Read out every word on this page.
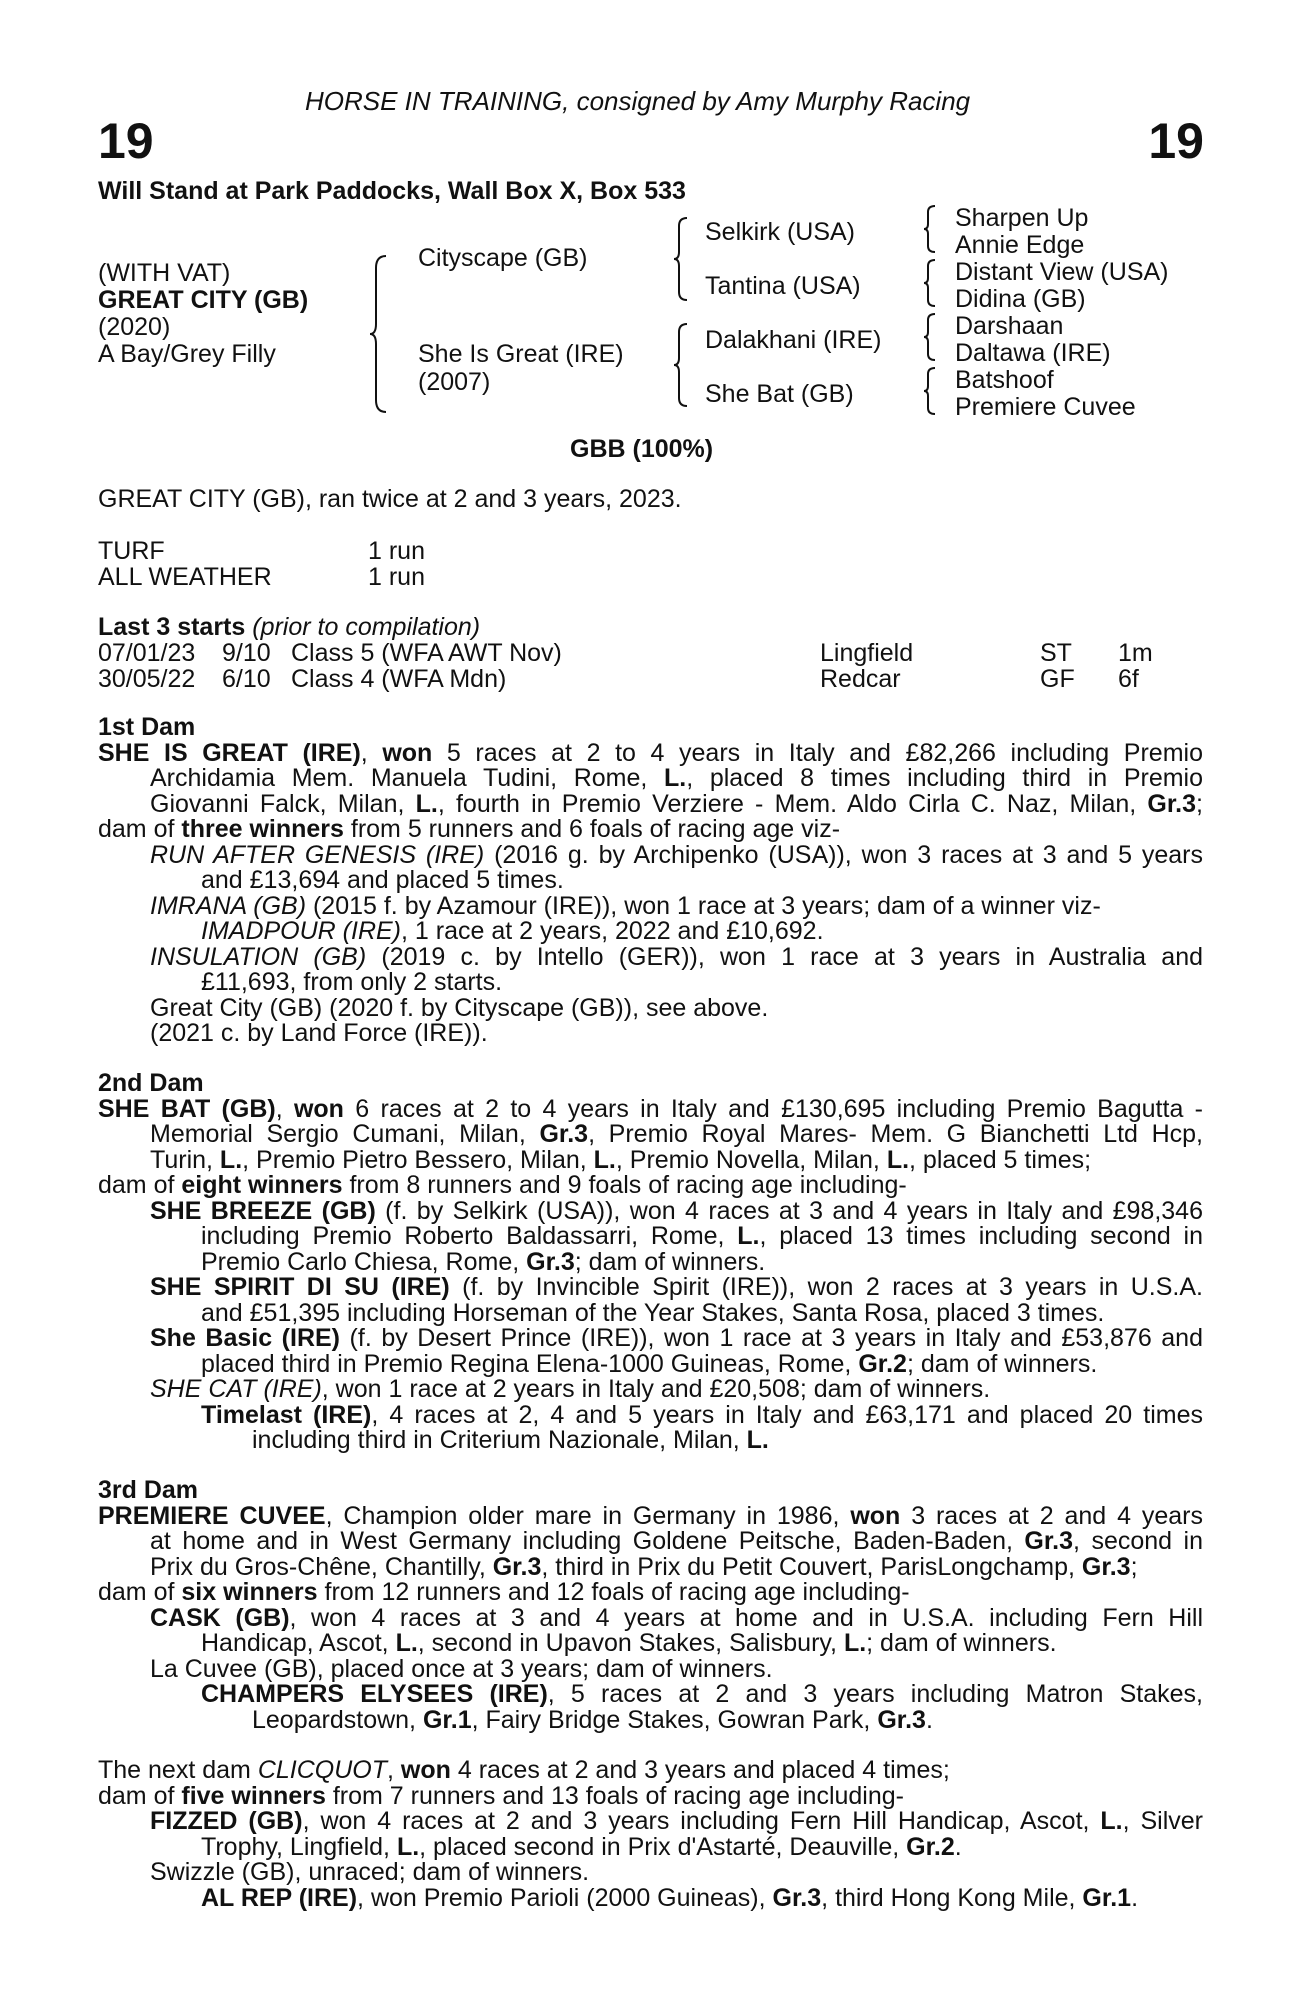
HORSE IN TRAINING, consigned by Amy Murphy Racing
19	19
Will Stand at Park Paddocks, Wall Box X, Box 533
(WITH VAT)
GREAT CITY (GB)
(2020)
A Bay/Grey Filly
Cityscape (GB)
She Is Great (IRE)
(2007)
Selkirk (USA)
Tantina (USA)
Dalakhani (IRE)
She Bat (GB)
Sharpen Up
Annie Edge
Distant View (USA)
Didina (GB)
Darshaan
Daltawa (IRE)
Batshoof
Premiere Cuvee
GBB (100%)
GREAT CITY (GB), ran twice at 2 and 3 years, 2023.
TURF	1 run
ALL WEATHER	1 run
Last 3 starts (prior to compilation)
07/01/23 9/10 Class 5 (WFA AWT Nov)	Lingfield	ST 1m
30/05/22 6/10 Class 4 (WFA Mdn)	Redcar	GF 6f
1st Dam
SHE IS GREAT (IRE), won 5 races at 2 to 4 years in Italy and £82,266 including Premio
Archidamia Mem. Manuela Tudini, Rome, L., placed 8 times including third in Premio
Giovanni Falck, Milan, L., fourth in Premio Verziere - Mem. Aldo Cirla C. Naz, Milan, Gr.3;
dam of three winners from 5 runners and 6 foals of racing age viz-
RUN AFTER GENESIS (IRE) (2016 g. by Archipenko (USA)), won 3 races at 3 and 5 years
and £13,694 and placed 5 times.
IMRANA (GB) (2015 f. by Azamour (IRE)), won 1 race at 3 years; dam of a winner viz-
IMADPOUR (IRE), 1 race at 2 years, 2022 and £10,692.
INSULATION (GB) (2019 c. by Intello (GER)), won 1 race at 3 years in Australia and
£11,693, from only 2 starts.
Great City (GB) (2020 f. by Cityscape (GB)), see above.
(2021 c. by Land Force (IRE)).
2nd Dam
SHE BAT (GB), won 6 races at 2 to 4 years in Italy and £130,695 including Premio Bagutta -
Memorial Sergio Cumani, Milan, Gr.3, Premio Royal Mares- Mem. G Bianchetti Ltd Hcp,
Turin, L., Premio Pietro Bessero, Milan, L., Premio Novella, Milan, L., placed 5 times;
dam of eight winners from 8 runners and 9 foals of racing age including-
SHE BREEZE (GB) (f. by Selkirk (USA)), won 4 races at 3 and 4 years in Italy and £98,346
including Premio Roberto Baldassarri, Rome, L., placed 13 times including second in
Premio Carlo Chiesa, Rome, Gr.3; dam of winners.
SHE SPIRIT DI SU (IRE) (f. by Invincible Spirit (IRE)), won 2 races at 3 years in U.S.A.
and £51,395 including Horseman of the Year Stakes, Santa Rosa, placed 3 times.
She Basic (IRE) (f. by Desert Prince (IRE)), won 1 race at 3 years in Italy and £53,876 and
placed third in Premio Regina Elena-1000 Guineas, Rome, Gr.2; dam of winners.
SHE CAT (IRE), won 1 race at 2 years in Italy and £20,508; dam of winners.
Timelast (IRE), 4 races at 2, 4 and 5 years in Italy and £63,171 and placed 20 times
including third in Criterium Nazionale, Milan, L.
3rd Dam
PREMIERE CUVEE, Champion older mare in Germany in 1986, won 3 races at 2 and 4 years
at home and in West Germany including Goldene Peitsche, Baden-Baden, Gr.3, second in
Prix du Gros-Chêne, Chantilly, Gr.3, third in Prix du Petit Couvert, ParisLongchamp, Gr.3;
dam of six winners from 12 runners and 12 foals of racing age including-
CASK (GB), won 4 races at 3 and 4 years at home and in U.S.A. including Fern Hill
Handicap, Ascot, L., second in Upavon Stakes, Salisbury, L.; dam of winners.
La Cuvee (GB), placed once at 3 years; dam of winners.
CHAMPERS ELYSEES (IRE), 5 races at 2 and 3 years including Matron Stakes,
Leopardstown, Gr.1, Fairy Bridge Stakes, Gowran Park, Gr.3.
The next dam CLICQUOT, won 4 races at 2 and 3 years and placed 4 times;
dam of five winners from 7 runners and 13 foals of racing age including-
FIZZED (GB), won 4 races at 2 and 3 years including Fern Hill Handicap, Ascot, L., Silver
Trophy, Lingfield, L., placed second in Prix d'Astarté, Deauville, Gr.2.
Swizzle (GB), unraced; dam of winners.
AL REP (IRE), won Premio Parioli (2000 Guineas), Gr.3, third Hong Kong Mile, Gr.1.
